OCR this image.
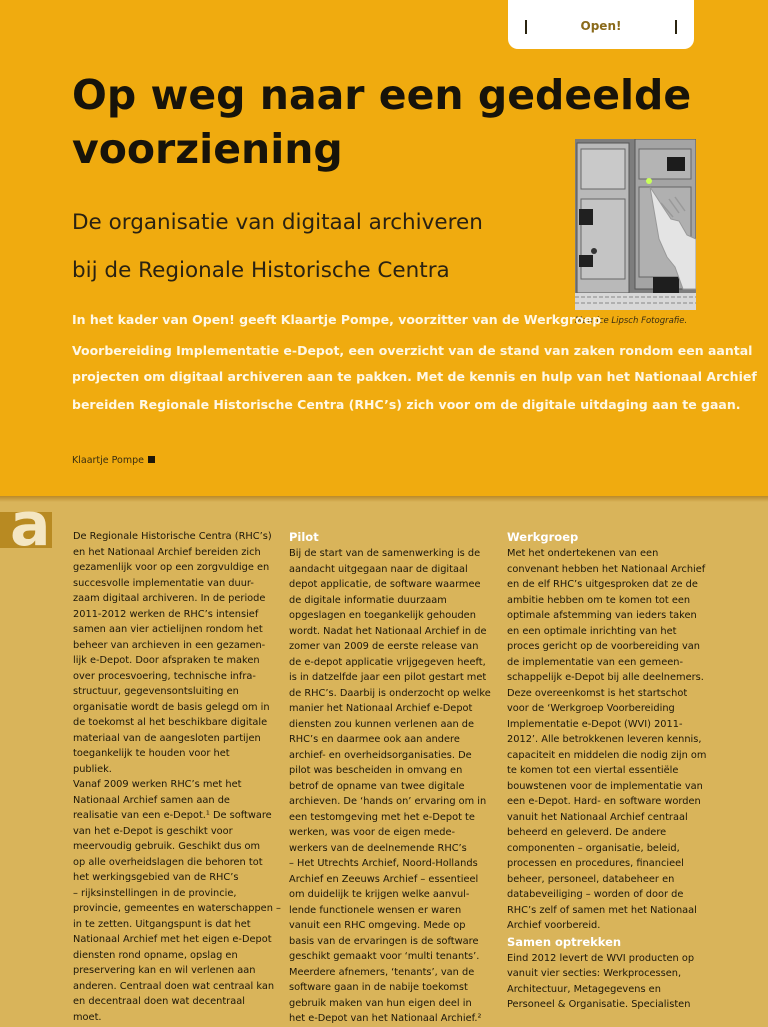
Open!
Op weg naar een gedeelde
voorziening

De organisatie van digitaal archiveren

bij de Regionale Historische Centra

Maurice Lipsch Fotografie.
In het kader van Open! geeft Klaartje Pompe, voorzitter van de Werkgroep
Voorbereiding Implementatie e-Depot, een overzicht van de stand van zaken rondom een aantal
projecten om digitaal archiveren aan te pakken. Met de kennis en hulp van het Nationaal Archief
bereiden Regionale Historische Centra (RHC’s) zich voor om de digitale uitdaging aan te gaan.
Klaartje Pompe
a De Regionale Historische Centra (RHC’s)
en het Nationaal Archief bereiden zich
gezamenlijk voor op een zorgvuldige en
succesvolle implementatie van duur-
zaam digitaal archiveren. In de periode
2011-2012 werken de RHC’s intensief
samen aan vier actielijnen rondom het
beheer van archieven in een gezamen-
lijk e-Depot. Door afspraken te maken
over procesvoering, technische infra-
structuur, gegevensontsluiting en
organisatie wordt de basis gelegd om in
de toekomst al het beschikbare digitale
materiaal van de aangesloten partijen
toegankelijk te houden voor het
publiek.
Vanaf 2009 werken RHC’s met het
Nationaal Archief samen aan de
realisatie van een e-Depot.¹ De software
van het e-Depot is geschikt voor
meervoudig gebruik. Geschikt dus om
op alle overheidslagen die behoren tot
het werkingsgebied van de RHC’s
– rijksinstellingen in de provincie,
provincie, gemeentes en waterschappen –
in te zetten. Uitgangspunt is dat het
Nationaal Archief met het eigen e-Depot
diensten rond opname, opslag en
preservering kan en wil verlenen aan
anderen. Centraal doen wat centraal kan
en decentraal doen wat decentraal
moet.
Pilot
Bij de start van de samenwerking is de
aandacht uitgegaan naar de digitaal
depot applicatie, de software waarmee
de digitale informatie duurzaam
opgeslagen en toegankelijk gehouden
wordt. Nadat het Nationaal Archief in de
zomer van 2009 de eerste release van
de e-depot applicatie vrijgegeven heeft,
is in datzelfde jaar een pilot gestart met
de RHC’s. Daarbij is onderzocht op welke
manier het Nationaal Archief e-Depot
diensten zou kunnen verlenen aan de
RHC’s en daarmee ook aan andere
archief- en overheidsorganisaties. De
pilot was bescheiden in omvang en
betrof de opname van twee digitale
archieven. De ‘hands on’ ervaring om in
een testomgeving met het e-Depot te
werken, was voor de eigen mede-
werkers van de deelnemende RHC’s
– Het Utrechts Archief, Noord-Hollands
Archief en Zeeuws Archief – essentieel
om duidelijk te krijgen welke aanvul-
lende functionele wensen er waren
vanuit een RHC omgeving. Mede op
basis van de ervaringen is de software
geschikt gemaakt voor ‘multi tenants’.
Meerdere afnemers, ‘tenants’, van de
software gaan in de nabije toekomst
gebruik maken van hun eigen deel in
het e-Depot van het Nationaal Archief.²
Werkgroep
Met het ondertekenen van een
convenant hebben het Nationaal Archief
en de elf RHC’s uitgesproken dat ze de
ambitie hebben om te komen tot een
optimale afstemming van ieders taken
en een optimale inrichting van het
proces gericht op de voorbereiding van
de implementatie van een gemeen-
schappelijk e-Depot bij alle deelnemers.
Deze overeenkomst is het startschot
voor de ‘Werkgroep Voorbereiding
Implementatie e-Depot (WVI) 2011-
2012’. Alle betrokkenen leveren kennis,
capaciteit en middelen die nodig zijn om
te komen tot een viertal essentiële
bouwstenen voor de implementatie van
een e-Depot. Hard- en software worden
vanuit het Nationaal Archief centraal
beheerd en geleverd. De andere
componenten – organisatie, beleid,
processen en procedures, financieel
beheer, personeel, databeheer en
databeveiliging – worden of door de
RHC’s zelf of samen met het Nationaal
Archief voorbereid.
Samen optrekken
Eind 2012 levert de WVI producten op
vanuit vier secties: Werkprocessen,
Architectuur, Metagegevens en
Personeel & Organisatie. Specialisten
